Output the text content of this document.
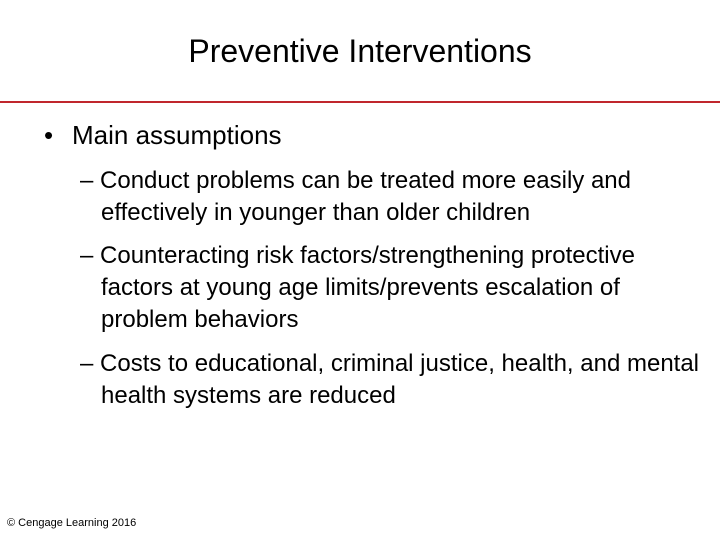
Preventive Interventions
• Main assumptions
– Conduct problems can be treated more easily and effectively in younger than older children
– Counteracting risk factors/strengthening protective factors at young age limits/prevents escalation of problem behaviors
– Costs to educational, criminal justice, health, and mental health systems are reduced
© Cengage Learning 2016
